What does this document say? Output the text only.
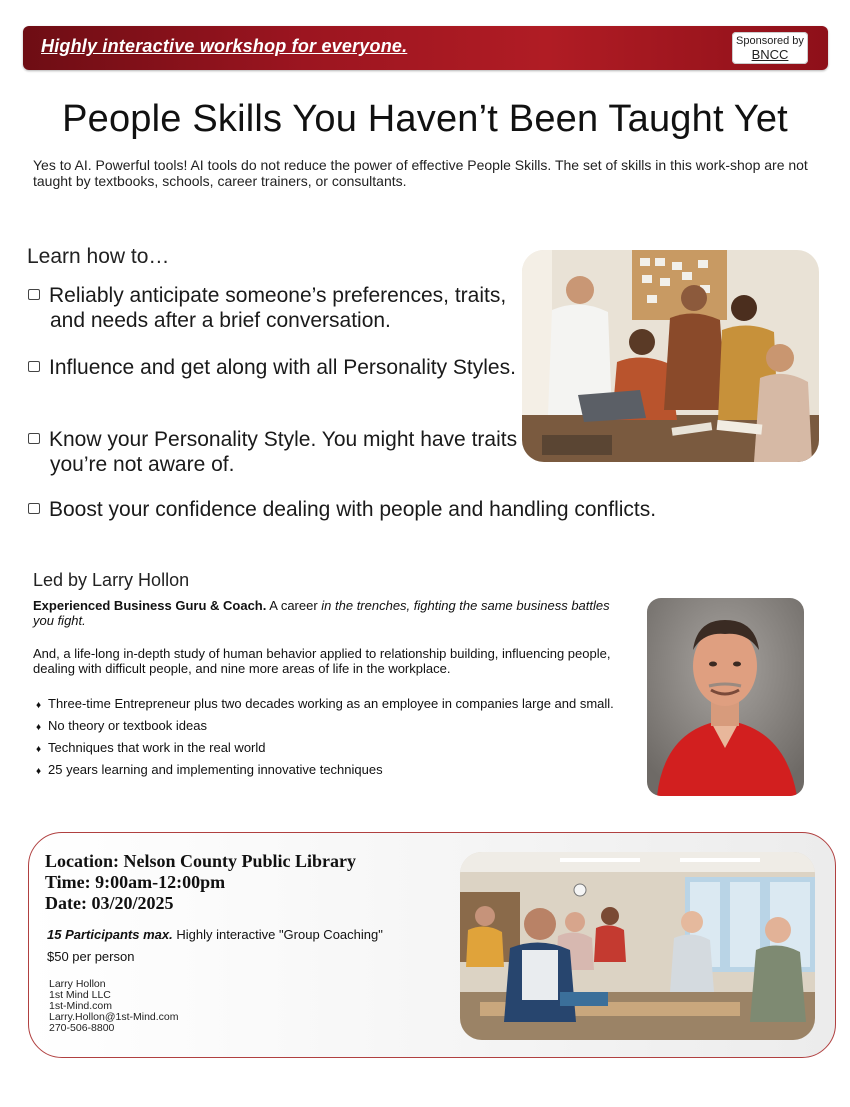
Highly interactive workshop for everyone.	Sponsored by
BNCC
People Skills You Haven’t Been Taught Yet
Yes to AI. Powerful tools! AI tools do not reduce the power of effective People Skills. The set of skills in this work-shop are not taught by textbooks, schools, career trainers, or consultants.
Learn how to…
Reliably anticipate someone’s preferences, traits, and needs after a brief conversation.
Influence and get along with all Personality Styles.
Know your Personality Style. You might have traits you’re not aware of.
Boost your confidence dealing with people and handling conflicts.
Led by Larry Hollon
Experienced Business Guru & Coach. A career in the trenches, fighting the same business battles you fight.
And, a life-long in-depth study of human behavior applied to relationship building, influencing people, dealing with difficult people, and nine more areas of life in the workplace.
♦ Three-time Entrepreneur plus two decades working as an employee in companies large and small.
♦ No theory or textbook ideas
♦ Techniques that work in the real world
♦ 25 years learning and implementing innovative techniques
Location: Nelson County Public Library
Time: 9:00am-12:00pm
Date: 03/20/2025
15 Participants max. Highly interactive "Group Coaching"
$50 per person
Larry Hollon
1st Mind LLC
1st-Mind.com
Larry.Hollon@1st-Mind.com
270-506-8800
